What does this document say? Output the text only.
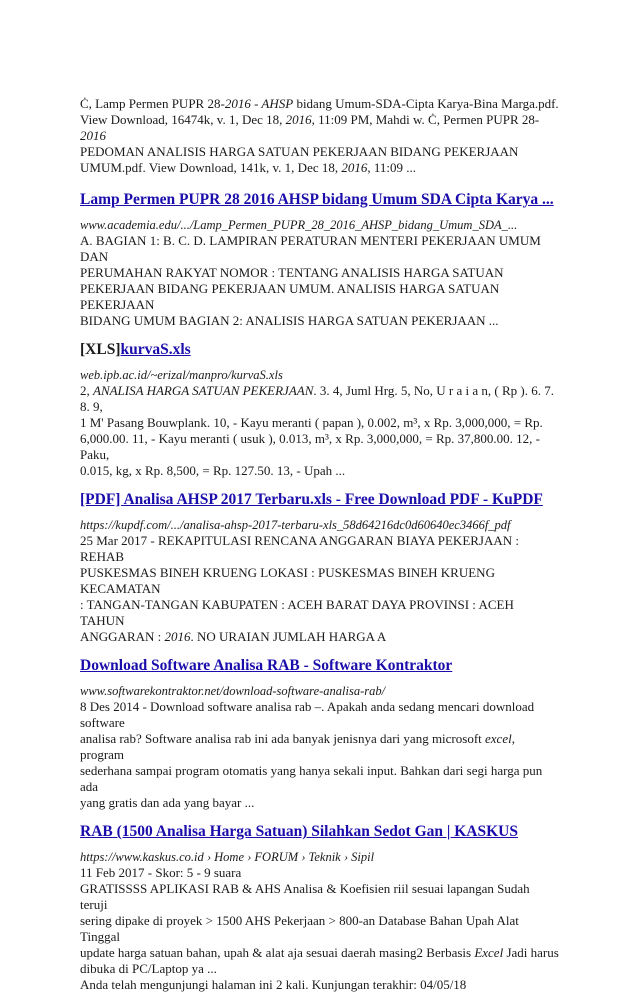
Ċ, Lamp Permen PUPR 28-2016 - AHSP bidang Umum-SDA-Cipta Karya-Bina Marga.pdf.
View Download, 16474k, v. 1, Dec 18, 2016, 11:09 PM, Mahdi w. Ċ, Permen PUPR 28-2016
PEDOMAN ANALISIS HARGA SATUAN PEKERJAAN BIDANG PEKERJAAN
UMUM.pdf. View Download, 141k, v. 1, Dec 18, 2016, 11:09 ...
Lamp Permen PUPR 28 2016 AHSP bidang Umum SDA Cipta Karya ...
www.academia.edu/.../Lamp_Permen_PUPR_28_2016_AHSP_bidang_Umum_SDA_...
A. BAGIAN 1: B. C. D. LAMPIRAN PERATURAN MENTERI PEKERJAAN UMUM DAN
PERUMAHAN RAKYAT NOMOR : TENTANG ANALISIS HARGA SATUAN
PEKERJAAN BIDANG PEKERJAAN UMUM. ANALISIS HARGA SATUAN PEKERJAAN
BIDANG UMUM BAGIAN 2: ANALISIS HARGA SATUAN PEKERJAAN ...
[XLS]kurvaS.xls
web.ipb.ac.id/~erizal/manpro/kurvaS.xls
2, ANALISA HARGA SATUAN PEKERJAAN. 3. 4, Juml Hrg. 5, No, U r a i a n, ( Rp ). 6. 7. 8. 9,
1 M' Pasang Bouwplank. 10, - Kayu meranti ( papan ), 0.002, m³, x Rp. 3,000,000, = Rp.
6,000.00. 11, - Kayu meranti ( usuk ), 0.013, m³, x Rp. 3,000,000, = Rp. 37,800.00. 12, - Paku,
0.015, kg, x Rp. 8,500, = Rp. 127.50. 13, - Upah ...
[PDF] Analisa AHSP 2017 Terbaru.xls - Free Download PDF - KuPDF
https://kupdf.com/.../analisa-ahsp-2017-terbaru-xls_58d64216dc0d60640ec3466f_pdf
25 Mar 2017 - REKAPITULASI RENCANA ANGGARAN BIAYA PEKERJAAN : REHAB
PUSKESMAS BINEH KRUENG LOKASI : PUSKESMAS BINEH KRUENG KECAMATAN
: TANGAN-TANGAN KABUPATEN : ACEH BARAT DAYA PROVINSI : ACEH TAHUN
ANGGARAN : 2016. NO URAIAN JUMLAH HARGA A
Download Software Analisa RAB - Software Kontraktor
www.softwarekontraktor.net/download-software-analisa-rab/
8 Des 2014 - Download software analisa rab –. Apakah anda sedang mencari download software
analisa rab? Software analisa rab ini ada banyak jenisnya dari yang microsoft excel, program
sederhana sampai program otomatis yang hanya sekali input. Bahkan dari segi harga pun ada
yang gratis dan ada yang bayar ...
RAB (1500 Analisa Harga Satuan) Silahkan Sedot Gan | KASKUS
https://www.kaskus.co.id › Home › FORUM › Teknik › Sipil
11 Feb 2017 - Skor: 5 - 9 suara
GRATISSSS APLIKASI RAB & AHS Analisa & Koefisien riil sesuai lapangan Sudah teruji
sering dipake di proyek > 1500 AHS Pekerjaan > 800-an Database Bahan Upah Alat Tinggal
update harga satuan bahan, upah & alat aja sesuai daerah masing2 Berbasis Excel Jadi harus
dibuka di PC/Laptop ya ...
Anda telah mengunjungi halaman ini 2 kali. Kunjungan terakhir: 04/05/18
